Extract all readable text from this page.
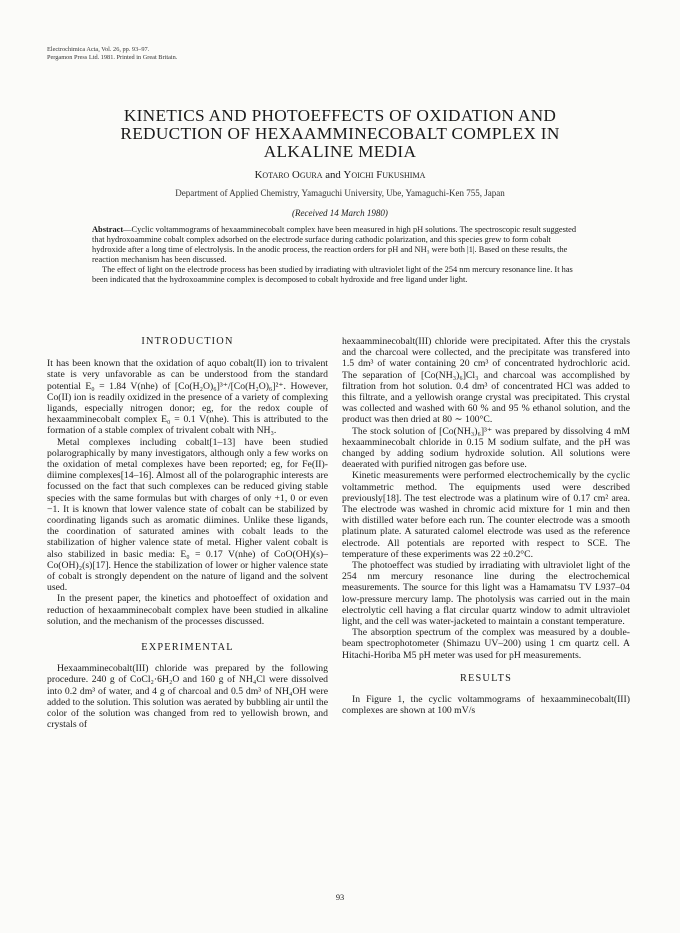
Electrochimica Acta, Vol. 26, pp. 93–97.
Pergamon Press Ltd. 1981. Printed in Great Britain.
KINETICS AND PHOTOEFFECTS OF OXIDATION AND
REDUCTION OF HEXAAMMINECOBALT COMPLEX IN
ALKALINE MEDIA
Kotaro Ogura and Yoichi Fukushima
Department of Applied Chemistry, Yamaguchi University, Ube, Yamaguchi-Ken 755, Japan
(Received 14 March 1980)

Abstract—Cyclic voltammograms of hexaamminecobalt complex have been measured in high pH solutions. The spectroscopic result suggested that hydroxoammine cobalt complex adsorbed on the electrode surface during cathodic polarization, and this species grew to form cobalt hydroxide after a long time of electrolysis. In the anodic process, the reaction orders for pH and NH₃ were both |1|. Based on these results, the reaction mechanism has been discussed.

The effect of light on the electrode process has been studied by irradiating with ultraviolet light of the 254 nm mercury resonance line. It has been indicated that the hydroxoammine complex is decomposed to cobalt hydroxide and free ligand under light.

INTRODUCTION

It has been known that the oxidation of aquo cobalt(II) ion to trivalent state is very unfavorable as can be understood from the standard potential E₀ = 1.84 V(nhe) of [Co(H₂O)₆]³⁺/[Co(H₂O)₆]²⁺. However, Co(II) ion is readily oxidized in the presence of a variety of complexing ligands, especially nitrogen donor; eg, for the redox couple of hexaamminecobalt complex E₀ = 0.1 V(nhe). This is attributed to the formation of a stable complex of trivalent cobalt with NH₃.

Metal complexes including cobalt[1–13] have been studied polarographically by many investigators, although only a few works on the oxidation of metal complexes have been reported; eg, for Fe(II)-diimine complexes[14–16]. Almost all of the polarographic interests are focussed on the fact that such complexes can be reduced giving stable species with the same formulas but with charges of only +1, 0 or even −1. It is known that lower valence state of cobalt can be stabilized by coordinating ligands such as aromatic diimines. Unlike these ligands, the coordination of saturated amines with cobalt leads to the stabilization of higher valence state of metal. Higher valent cobalt is also stabilized in basic media: E₀ = 0.17 V(nhe) of CoO(OH)(s)–Co(OH)₂(s)[17]. Hence the stabilization of lower or higher valence state of cobalt is strongly dependent on the nature of ligand and the solvent used.

In the present paper, the kinetics and photoeffect of oxidation and reduction of hexaamminecobalt complex have been studied in alkaline solution, and the mechanism of the processes discussed.

EXPERIMENTAL

Hexaamminecobalt(III) chloride was prepared by the following procedure. 240 g of CoCl₂·6H₂O and 160 g of NH₄Cl were dissolved into 0.2 dm³ of water, and 4 g of charcoal and 0.5 dm³ of NH₄OH were added to the solution. This solution was aerated by bubbling air until the color of the solution was changed from red to yellowish brown, and crystals of

hexaamminecobalt(III) chloride were precipitated. After this the crystals and the charcoal were collected, and the precipitate was transfered into 1.5 dm³ of water containing 20 cm³ of concentrated hydrochloric acid. The separation of [Co(NH₃)₆]Cl₃ and charcoal was accomplished by filtration from hot solution. 0.4 dm³ of concentrated HCl was added to this filtrate, and a yellowish orange crystal was precipitated. This crystal was collected and washed with 60 % and 95 % ethanol solution, and the product was then dried at 80 ∼ 100°C.

The stock solution of [Co(NH₃)₆]³⁺ was prepared by dissolving 4 mM hexaamminecobalt chloride in 0.15 M sodium sulfate, and the pH was changed by adding sodium hydroxide solution. All solutions were deaerated with purified nitrogen gas before use.

Kinetic measurements were performed electrochemically by the cyclic voltammetric method. The equipments used were described previously[18]. The test electrode was a platinum wire of 0.17 cm² area. The electrode was washed in chromic acid mixture for 1 min and then with distilled water before each run. The counter electrode was a smooth platinum plate. A saturated calomel electrode was used as the reference electrode. All potentials are reported with respect to SCE. The temperature of these experiments was 22 ±0.2°C.

The photoeffect was studied by irradiating with ultraviolet light of the 254 nm mercury resonance line during the electrochemical measurements. The source for this light was a Hamamatsu TV L937–04 low-pressure mercury lamp. The photolysis was carried out in the main electrolytic cell having a flat circular quartz window to admit ultraviolet light, and the cell was water-jacketed to maintain a constant temperature.

The absorption spectrum of the complex was measured by a double-beam spectrophotometer (Shimazu UV–200) using 1 cm quartz cell. A Hitachi-Horiba M5 pH meter was used for pH measurements.

RESULTS

In Figure 1, the cyclic voltammograms of hexaamminecobalt(III) complexes are shown at 100 mV/s

93
